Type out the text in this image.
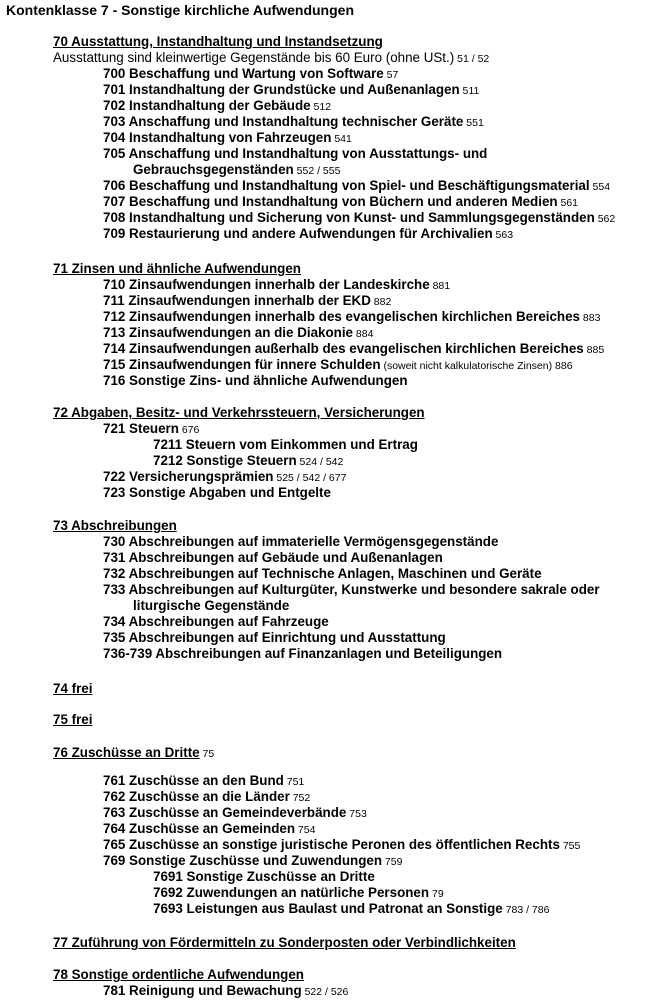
Kontenklasse 7 - Sonstige kirchliche Aufwendungen
70 Ausstattung, Instandhaltung und Instandsetzung
Ausstattung sind kleinwertige Gegenstände bis 60 Euro (ohne USt.) 51 / 52
700 Beschaffung und Wartung von Software 57
701 Instandhaltung der Grundstücke und Außenanlagen 511
702 Instandhaltung der Gebäude 512
703 Anschaffung und Instandhaltung technischer Geräte 551
704 Instandhaltung von Fahrzeugen 541
705 Anschaffung und Instandhaltung von Ausstattungs- und
Gebrauchsgegenständen 552 / 555
706 Beschaffung und Instandhaltung von Spiel- und Beschäftigungsmaterial 554
707 Beschaffung und Instandhaltung von Büchern und anderen Medien 561
708 Instandhaltung und Sicherung von Kunst- und Sammlungsgegenständen 562
709 Restaurierung und andere Aufwendungen für Archivalien 563
71 Zinsen und ähnliche Aufwendungen
710 Zinsaufwendungen innerhalb der Landeskirche 881
711 Zinsaufwendungen innerhalb der EKD 882
712 Zinsaufwendungen innerhalb des evangelischen kirchlichen Bereiches 883
713 Zinsaufwendungen an die Diakonie 884
714 Zinsaufwendungen außerhalb des evangelischen kirchlichen Bereiches 885
715 Zinsaufwendungen für innere Schulden (soweit nicht kalkulatorische Zinsen) 886
716 Sonstige Zins- und ähnliche Aufwendungen
72 Abgaben, Besitz- und Verkehrssteuern, Versicherungen
721 Steuern 676
7211 Steuern vom Einkommen und Ertrag
7212 Sonstige Steuern 524 / 542
722 Versicherungsprämien 525 / 542 / 677
723 Sonstige Abgaben und Entgelte
73 Abschreibungen
730 Abschreibungen auf immaterielle Vermögensgegenstände
731 Abschreibungen auf Gebäude und Außenanlagen
732 Abschreibungen auf Technische Anlagen, Maschinen und Geräte
733 Abschreibungen auf Kulturgüter, Kunstwerke und besondere sakrale oder
liturgische Gegenstände
734 Abschreibungen auf Fahrzeuge
735 Abschreibungen auf Einrichtung und Ausstattung
736-739 Abschreibungen auf Finanzanlagen und Beteiligungen
74 frei
75 frei
76 Zuschüsse an Dritte 75
761 Zuschüsse an den Bund 751
762 Zuschüsse an die Länder 752
763 Zuschüsse an Gemeindeverbände 753
764 Zuschüsse an Gemeinden 754
765 Zuschüsse an sonstige juristische Peronen des öffentlichen Rechts 755
769 Sonstige Zuschüsse und Zuwendungen 759
7691 Sonstige Zuschüsse an Dritte
7692 Zuwendungen an natürliche Personen 79
7693 Leistungen aus Baulast und Patronat an Sonstige 783 / 786
77 Zuführung von Fördermitteln zu Sonderposten oder Verbindlichkeiten
78 Sonstige ordentliche Aufwendungen
781 Reinigung und Bewachung 522 / 526
